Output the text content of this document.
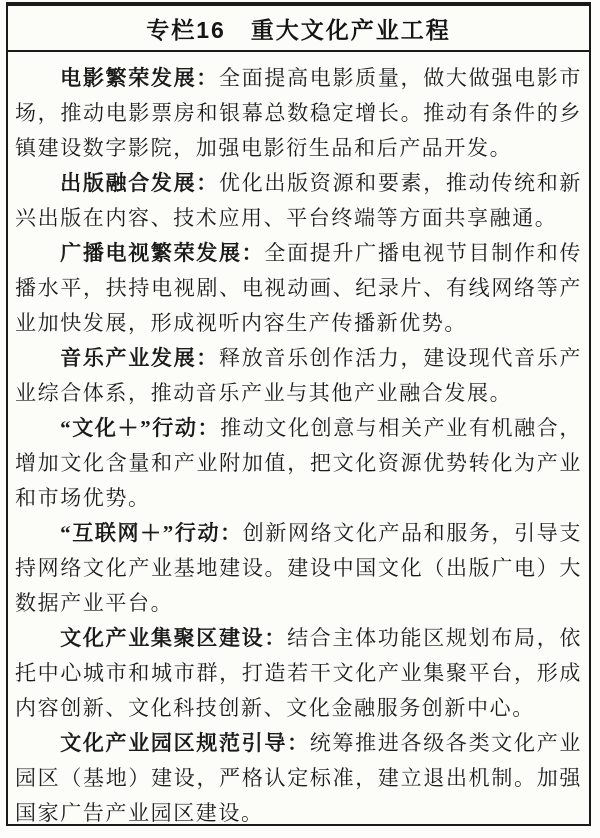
专栏16　重大文化产业工程

电影繁荣发展：全面提高电影质量，做大做强电影市场，推动电影票房和银幕总数稳定增长。推动有条件的乡镇建设数字影院，加强电影衍生品和后产品开发。

出版融合发展：优化出版资源和要素，推动传统和新兴出版在内容、技术应用、平台终端等方面共享融通。

广播电视繁荣发展：全面提升广播电视节目制作和传播水平，扶持电视剧、电视动画、纪录片、有线网络等产业加快发展，形成视听内容生产传播新优势。

音乐产业发展：释放音乐创作活力，建设现代音乐产业综合体系，推动音乐产业与其他产业融合发展。

“文化＋”行动：推动文化创意与相关产业有机融合，增加文化含量和产业附加值，把文化资源优势转化为产业和市场优势。

“互联网＋”行动：创新网络文化产品和服务，引导支持网络文化产业基地建设。建设中国文化（出版广电）大数据产业平台。

文化产业集聚区建设：结合主体功能区规划布局，依托中心城市和城市群，打造若干文化产业集聚平台，形成内容创新、文化科技创新、文化金融服务创新中心。

文化产业园区规范引导：统筹推进各级各类文化产业园区（基地）建设，严格认定标准，建立退出机制。加强国家广告产业园区建设。
